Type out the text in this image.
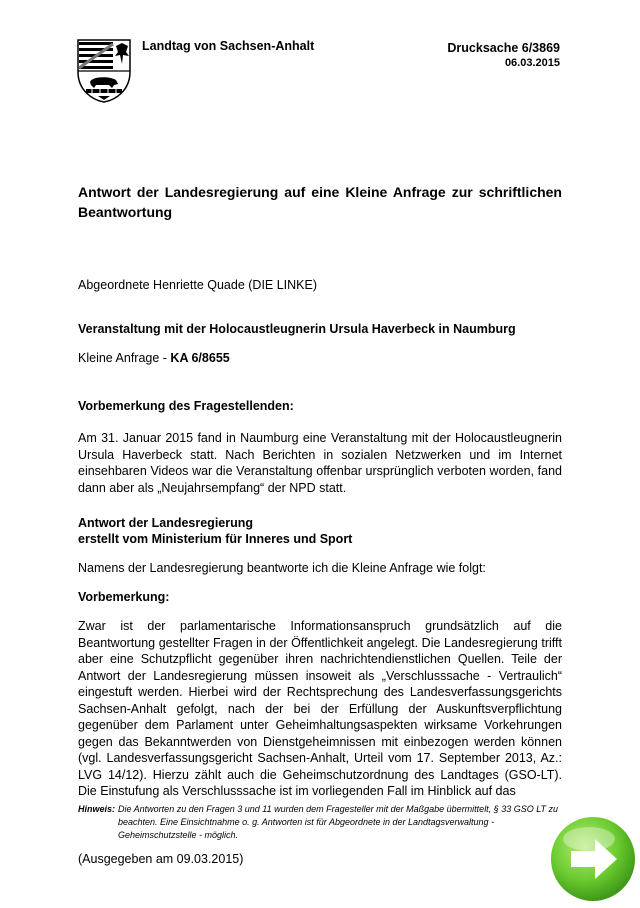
Landtag von Sachsen-Anhalt	Drucksache 6/3869
06.03.2015
Antwort der Landesregierung auf eine Kleine Anfrage zur schriftlichen Beantwortung
Abgeordnete Henriette Quade (DIE LINKE)
Veranstaltung mit der Holocaustleugnerin Ursula Haverbeck in Naumburg
Kleine Anfrage - KA 6/8655
Vorbemerkung des Fragestellenden:
Am 31. Januar 2015 fand in Naumburg eine Veranstaltung mit der Holocaustleugnerin Ursula Haverbeck statt. Nach Berichten in sozialen Netzwerken und im Internet einsehbaren Videos war die Veranstaltung offenbar ursprünglich verboten worden, fand dann aber als „Neujahrsempfang“ der NPD statt.
Antwort der Landesregierung
erstellt vom Ministerium für Inneres und Sport
Namens der Landesregierung beantworte ich die Kleine Anfrage wie folgt:
Vorbemerkung:
Zwar ist der parlamentarische Informationsanspruch grundsätzlich auf die Beantwortung gestellter Fragen in der Öffentlichkeit angelegt. Die Landesregierung trifft aber eine Schutzpflicht gegenüber ihren nachrichtendienstlichen Quellen. Teile der Antwort der Landesregierung müssen insoweit als „Verschlusssache - Vertraulich“ eingestuft werden. Hierbei wird der Rechtsprechung des Landesverfassungsgerichts Sachsen-Anhalt gefolgt, nach der bei der Erfüllung der Auskunftsverpflichtung gegenüber dem Parlament unter Geheimhaltungsaspekten wirksame Vorkehrungen gegen das Bekanntwerden von Dienstgeheimnissen mit einbezogen werden können (vgl. Landesverfassungsgericht Sachsen-Anhalt, Urteil vom 17. September 2013, Az.: LVG 14/12). Hierzu zählt auch die Geheimschutzordnung des Landtages (GSO-LT). Die Einstufung als Verschlusssache ist im vorliegenden Fall im Hinblick auf das
Hinweis: Die Antworten zu den Fragen 3 und 11 wurden dem Fragesteller mit der Maßgabe übermittelt, § 33 GSO LT zu beachten. Eine Einsichtnahme o. g. Antworten ist für Abgeordnete in der Landtagsverwaltung - Geheimschutzstelle - möglich.
(Ausgegeben am 09.03.2015)
